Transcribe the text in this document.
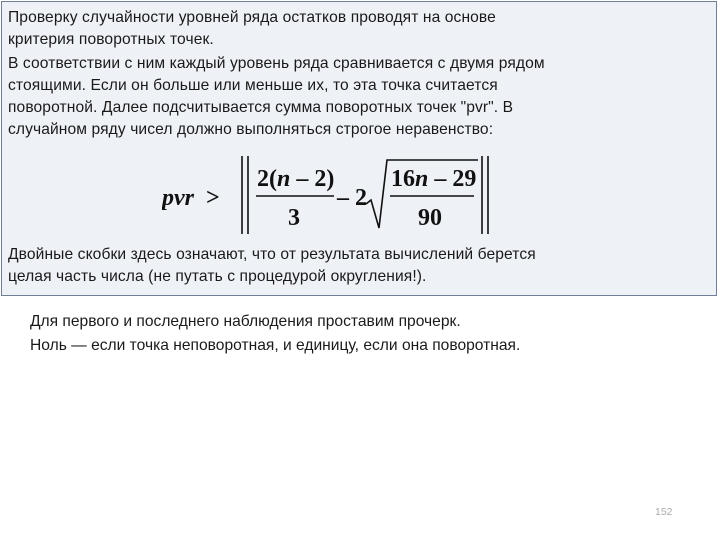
Проверку случайности уровней ряда остатков проводят на основе
критерия поворотных точек.
В соответствии с ним каждый уровень ряда сравнивается с двумя рядом
стоящими. Если он больше или меньше их, то эта точка считается
поворотной. Далее подсчитывается сумма поворотных точек "pvr". В
случайном ряду чисел должно выполняться строгое неравенство:
pvr >
2(n – 2)
3
– 2
16n – 29
90
Двойные скобки здесь означают, что от результата вычислений берется
целая часть числа (не путать с процедурой округления!).
Для первого и последнего наблюдения проставим прочерк.
Ноль — если точка неповоротная, и единицу, если она поворотная.
152
